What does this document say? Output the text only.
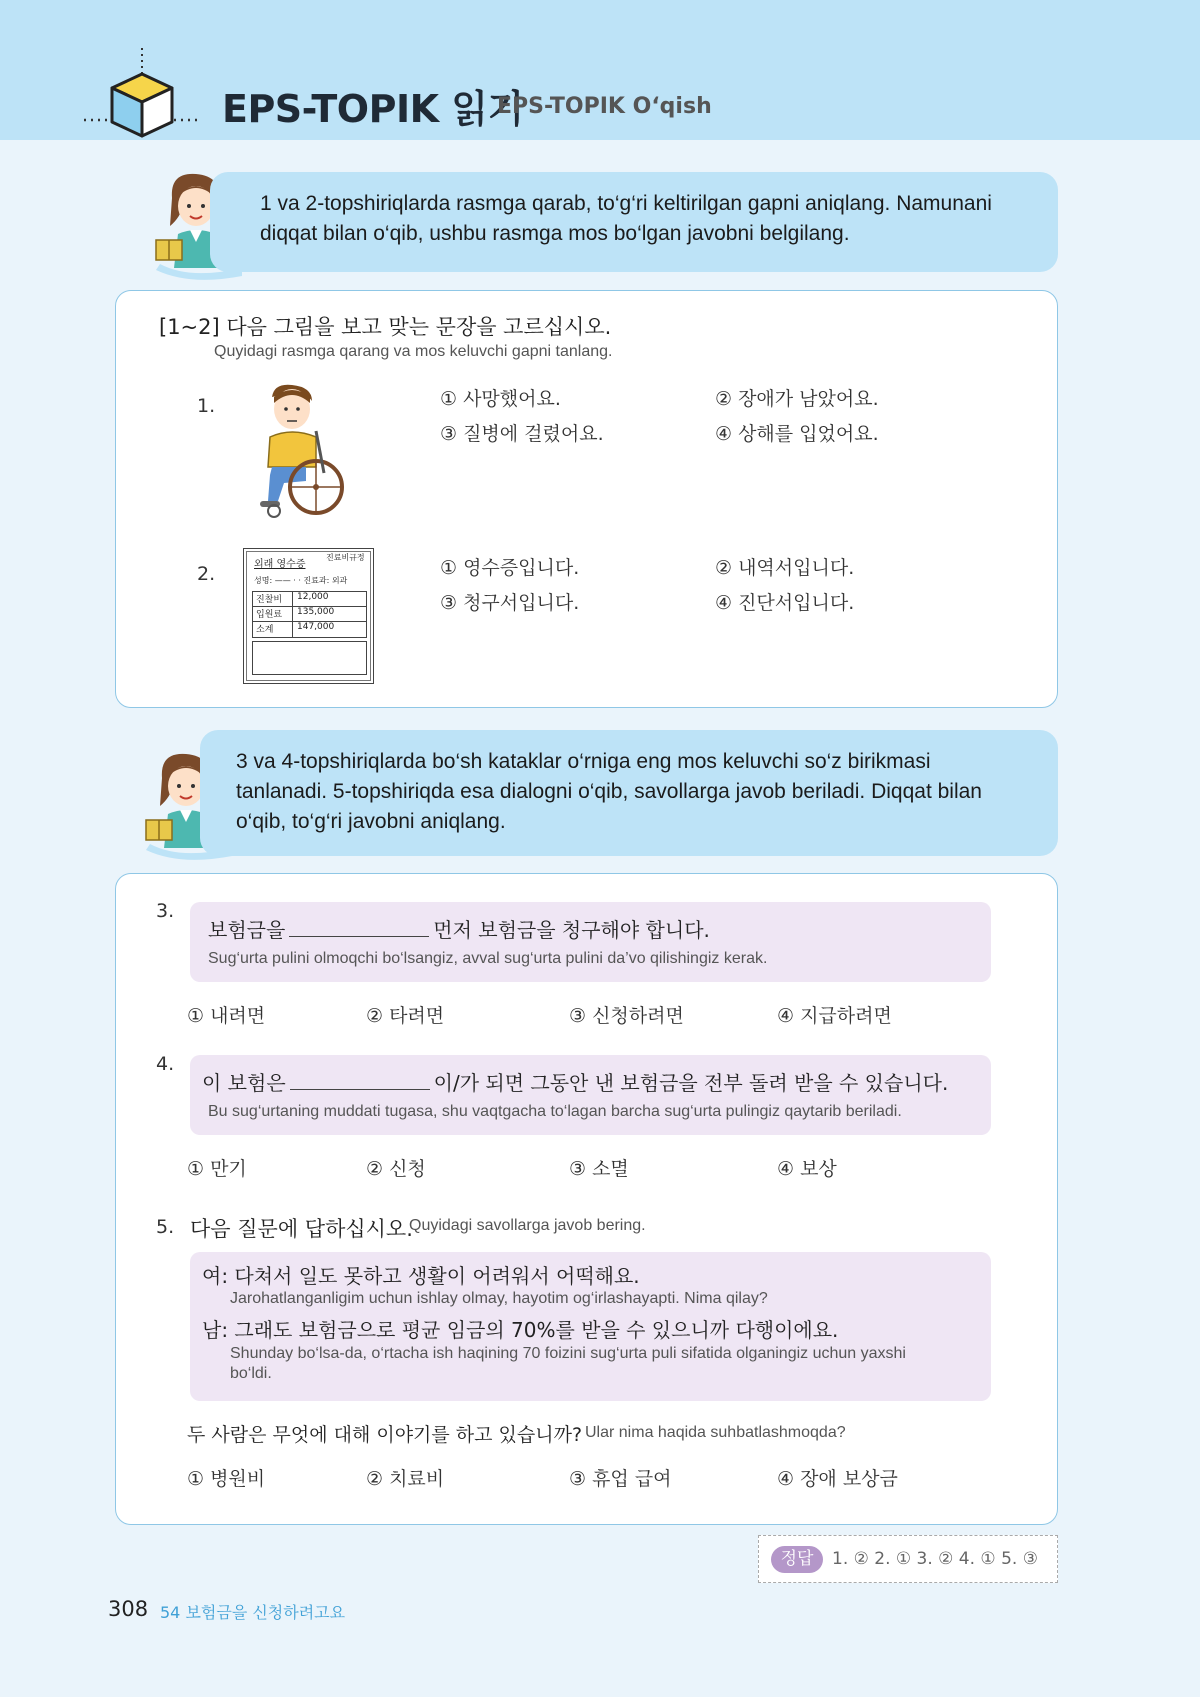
EPS-TOPIK 읽기
EPS-TOPIK O‘qish
1 va 2-topshiriqlarda rasmga qarab, to‘g‘ri keltirilgan gapni aniqlang. Namunani
diqqat bilan o‘qib, ushbu rasmga mos bo‘lgan javobni belgilang.
[1~2] 다음 그림을 보고 맞는 문장을 고르십시오.
Quyidagi rasmga qarang va mos keluvchi gapni tanlang.
1.	① 사망했어요.	② 장애가 남았어요.
③ 질병에 걸렸어요.	④ 상해를 입었어요.
2.	외래 영수증
진료비규정
성명: —— · · 진료과: 외과
진찰비	12,000
입원료	135,000
소계	147,000
① 영수증입니다.	② 내역서입니다.
③ 청구서입니다.	④ 진단서입니다.
3 va 4-topshiriqlarda bo‘sh kataklar o‘rniga eng mos keluvchi so‘z birikmasi
tanlanadi. 5-topshiriqda esa dialogni o‘qib, savollarga javob beriladi. Diqqat bilan
o‘qib, to‘g‘ri javobni aniqlang.
3.
보험금을	먼저 보험금을 청구해야 합니다.
Sug‘urta pulini olmoqchi bo‘lsangiz, avval sug‘urta pulini da’vo qilishingiz kerak.
① 내려면	② 타려면	③ 신청하려면	④ 지급하려면
4.
이 보험은	이/가 되면 그동안 낸 보험금을 전부 돌려 받을 수 있습니다.
Bu sug‘urtaning muddati tugasa, shu vaqtgacha to‘lagan barcha sug‘urta pulingiz qaytarib beriladi.
① 만기	② 신청	③ 소멸	④ 보상
5. 다음 질문에 답하십시오.
Quyidagi savollarga javob bering.
여: 다쳐서 일도 못하고 생활이 어려워서 어떡해요.
Jarohatlanganligim uchun ishlay olmay, hayotim og‘irlashayapti. Nima qilay?
남: 그래도 보험금으로 평균 임금의 70%를 받을 수 있으니까 다행이에요.
Shunday bo‘lsa-da, o‘rtacha ish haqining 70 foizini sug‘urta puli sifatida olganingiz uchun yaxshi
bo‘ldi.
두 사람은 무엇에 대해 이야기를 하고 있습니까? Ular nima haqida suhbatlashmoqda?
① 병원비	② 치료비	③ 휴업 급여	④ 장애 보상금
정답	1. ② 2. ① 3. ② 4. ① 5. ③
308 54 보험금을 신청하려고요
